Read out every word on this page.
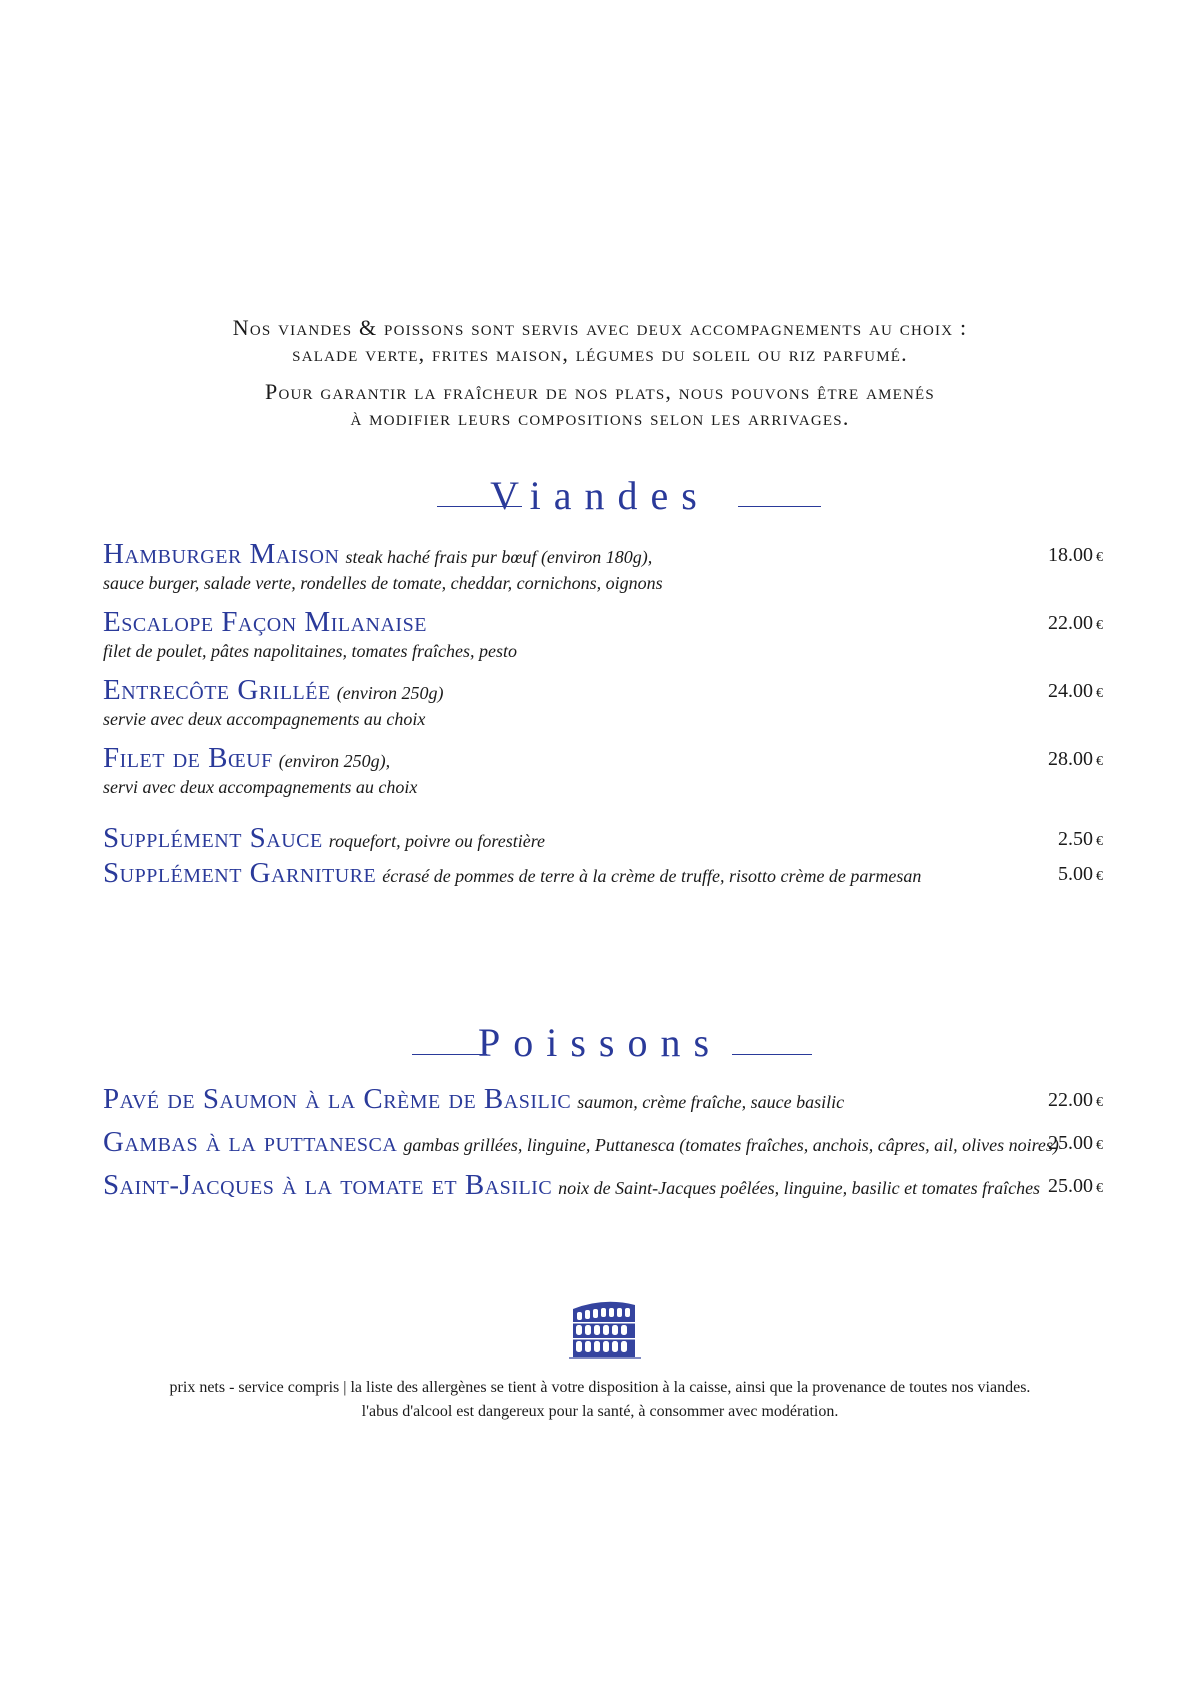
Nos viandes & poissons sont servis avec deux accompagnements au choix :
salade verte, frites maison, légumes du soleil ou riz parfumé.

Pour garantir la fraîcheur de nos plats, nous pouvons être amenés
à modifier leurs compositions selon les arrivages.

Viandes
Hamburger Maison steak haché frais pur bœuf (environ 180g),
sauce burger, salade verte, rondelles de tomate, cheddar, cornichons, oignons
18.00 €
Escalope Façon Milanaise
filet de poulet, pâtes napolitaines, tomates fraîches, pesto
22.00 €
Entrecôte Grillée (environ 250g)
servie avec deux accompagnements au choix
24.00 €
Filet de Bœuf (environ 250g),
servi avec deux accompagnements au choix
28.00 €
Supplément Sauce roquefort, poivre ou forestière	2.50 €
Supplément Garniture écrasé de pommes de terre à la crème de truffe, risotto crème de parmesan	5.00 €
Poissons
Pavé de Saumon à la Crème de Basilic saumon, crème fraîche, sauce basilic	22.00 €
Gambas à la puttanesca gambas grillées, linguine, Puttanesca (tomates fraîches, anchois, câpres, ail, olives noires)
25.00 €
Saint-Jacques à la tomate et Basilic noix de Saint-Jacques poêlées, linguine, basilic et tomates fraîches 25.00 €

prix nets - service compris | la liste des allergènes se tient à votre disposition à la caisse, ainsi que la provenance de toutes nos viandes.

l'abus d'alcool est dangereux pour la santé, à consommer avec modération.
